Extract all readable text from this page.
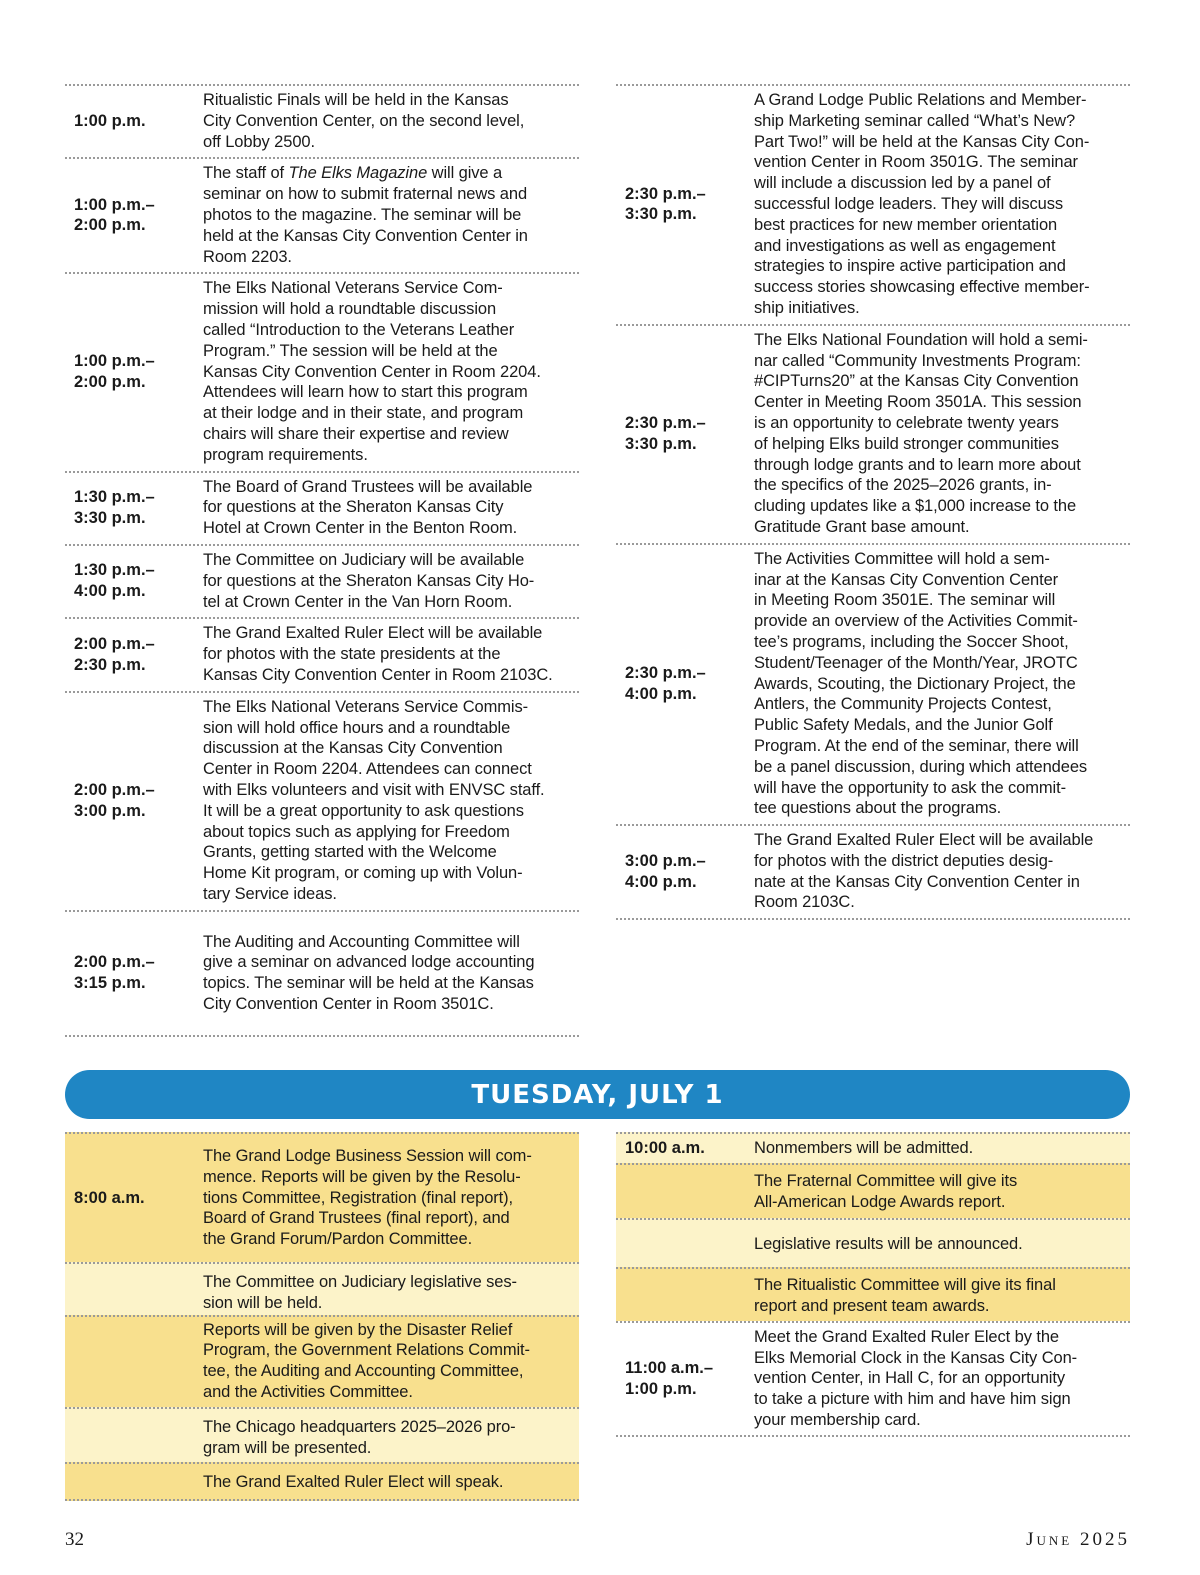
1:00 p.m.
Ritualistic Finals will be held in the Kansas
City Convention Center, on the second level,
off Lobby 2500.
1:00 p.m.–
2:00 p.m.
The staff of The Elks Magazine will give a
seminar on how to submit fraternal news and
photos to the magazine. The seminar will be
held at the Kansas City Convention Center in
Room 2203.
1:00 p.m.–
2:00 p.m.
The Elks National Veterans Service Com-
mission will hold a roundtable discussion
called “Introduction to the Veterans Leather
Program.” The session will be held at the
Kansas City Convention Center in Room 2204.
Attendees will learn how to start this program
at their lodge and in their state, and program
chairs will share their expertise and review
program requirements.
1:30 p.m.–
3:30 p.m.
The Board of Grand Trustees will be available
for questions at the Sheraton Kansas City
Hotel at Crown Center in the Benton Room.
1:30 p.m.–
4:00 p.m.
The Committee on Judiciary will be available
for questions at the Sheraton Kansas City Ho-
tel at Crown Center in the Van Horn Room.
2:00 p.m.–
2:30 p.m.
The Grand Exalted Ruler Elect will be available
for photos with the state presidents at the
Kansas City Convention Center in Room 2103C.
2:00 p.m.–
3:00 p.m.
The Elks National Veterans Service Commis-
sion will hold office hours and a roundtable
discussion at the Kansas City Convention
Center in Room 2204. Attendees can connect
with Elks volunteers and visit with ENVSC staff.
It will be a great opportunity to ask questions
about topics such as applying for Freedom
Grants, getting started with the Welcome
Home Kit program, or coming up with Volun-
tary Service ideas.
2:00 p.m.–
3:15 p.m.
The Auditing and Accounting Committee will
give a seminar on advanced lodge accounting
topics. The seminar will be held at the Kansas
City Convention Center in Room 3501C.
2:30 p.m.–
3:30 p.m.
A Grand Lodge Public Relations and Member-
ship Marketing seminar called “What’s New?
Part Two!” will be held at the Kansas City Con-
vention Center in Room 3501G. The seminar
will include a discussion led by a panel of
successful lodge leaders. They will discuss
best practices for new member orientation
and investigations as well as engagement
strategies to inspire active participation and
success stories showcasing effective member-
ship initiatives.
2:30 p.m.–
3:30 p.m.
The Elks National Foundation will hold a semi-
nar called “Community Investments Program:
#CIPTurns20” at the Kansas City Convention
Center in Meeting Room 3501A. This session
is an opportunity to celebrate twenty years
of helping Elks build stronger communities
through lodge grants and to learn more about
the specifics of the 2025–2026 grants, in-
cluding updates like a $1,000 increase to the
Gratitude Grant base amount.
2:30 p.m.–
4:00 p.m.
The Activities Committee will hold a sem-
inar at the Kansas City Convention Center
in Meeting Room 3501E. The seminar will
provide an overview of the Activities Commit-
tee’s programs, including the Soccer Shoot,
Student/Teenager of the Month/Year, JROTC
Awards, Scouting, the Dictionary Project, the
Antlers, the Community Projects Contest,
Public Safety Medals, and the Junior Golf
Program. At the end of the seminar, there will
be a panel discussion, during which attendees
will have the opportunity to ask the commit-
tee questions about the programs.
3:00 p.m.–
4:00 p.m.
The Grand Exalted Ruler Elect will be available
for photos with the district deputies desig-
nate at the Kansas City Convention Center in
Room 2103C.
TUESDAY, JULY 1
8:00 a.m.
The Grand Lodge Business Session will com-
mence. Reports will be given by the Resolu-
tions Committee, Registration (final report),
Board of Grand Trustees (final report), and
the Grand Forum/Pardon Committee.
The Committee on Judiciary legislative ses-
sion will be held.
Reports will be given by the Disaster Relief
Program, the Government Relations Commit-
tee, the Auditing and Accounting Committee,
and the Activities Committee.
The Chicago headquarters 2025–2026 pro-
gram will be presented.
The Grand Exalted Ruler Elect will speak.
10:00 a.m.	Nonmembers will be admitted.
The Fraternal Committee will give its
All-American Lodge Awards report.
Legislative results will be announced.
The Ritualistic Committee will give its final
report and present team awards.
11:00 a.m.–
1:00 p.m.
Meet the Grand Exalted Ruler Elect by the
Elks Memorial Clock in the Kansas City Con-
vention Center, in Hall C, for an opportunity
to take a picture with him and have him sign
your membership card.
32	June 2025
